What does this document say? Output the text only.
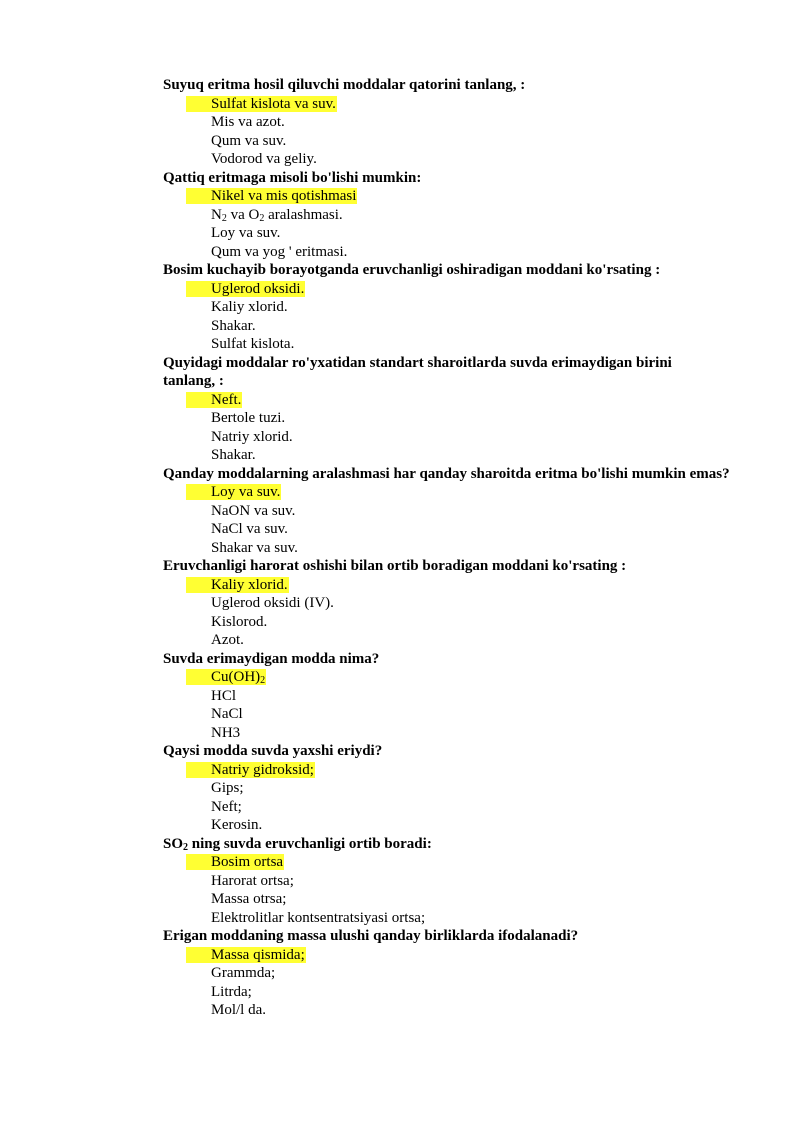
Suyuq eritma hosil qiluvchi moddalar qatorini tanlang, :

Sulfat kislota va suv.

Mis va azot.

Qum va suv.

Vodorod va geliy.

Qattiq eritmaga misoli bo'lishi mumkin:

Nikel va mis qotishmasi

$N_2$ va $O_2$ aralashmasi.

Loy va suv.

Qum va yog ' eritmasi.

Bosim kuchayib borayotganda eruvchanligi oshiradigan moddani ko'rsating :

Uglerod oksidi.

Kaliy xlorid.

Shakar.

Sulfat kislota.

Quyidagi moddalar ro'yxatidan standart sharoitlarda suvda erimaydigan birini tanlang, :

Neft.

Bertole tuzi.

Natriy xlorid.

Shakar.

Qanday moddalarning aralashmasi har qanday sharoitda eritma bo'lishi mumkin emas?

Loy va suv.

NaON va suv.

NaCl va suv.

Shakar va suv.

Eruvchanligi harorat oshishi bilan ortib boradigan moddani ko'rsating :

Kaliy xlorid.

Uglerod oksidi (IV).

Kislorod.

Azot.

Suvda erimaydigan modda nima?

$Cu(OH)_2$

HCl

NaCl

NH3

Qaysi modda suvda yaxshi eriydi?

Natriy gidroksid;

Gips;

Neft;

Kerosin.

$SO_2$ ning suvda eruvchanligi ortib boradi:

Bosim ortsa

Harorat ortsa;

Massa otrsa;

Elektrolitlar kontsentratsiyasi ortsa;

Erigan moddaning massa ulushi qanday birliklarda ifodalanadi?

Massa qismida;

Grammda;

Litrda;

Mol/l da.
